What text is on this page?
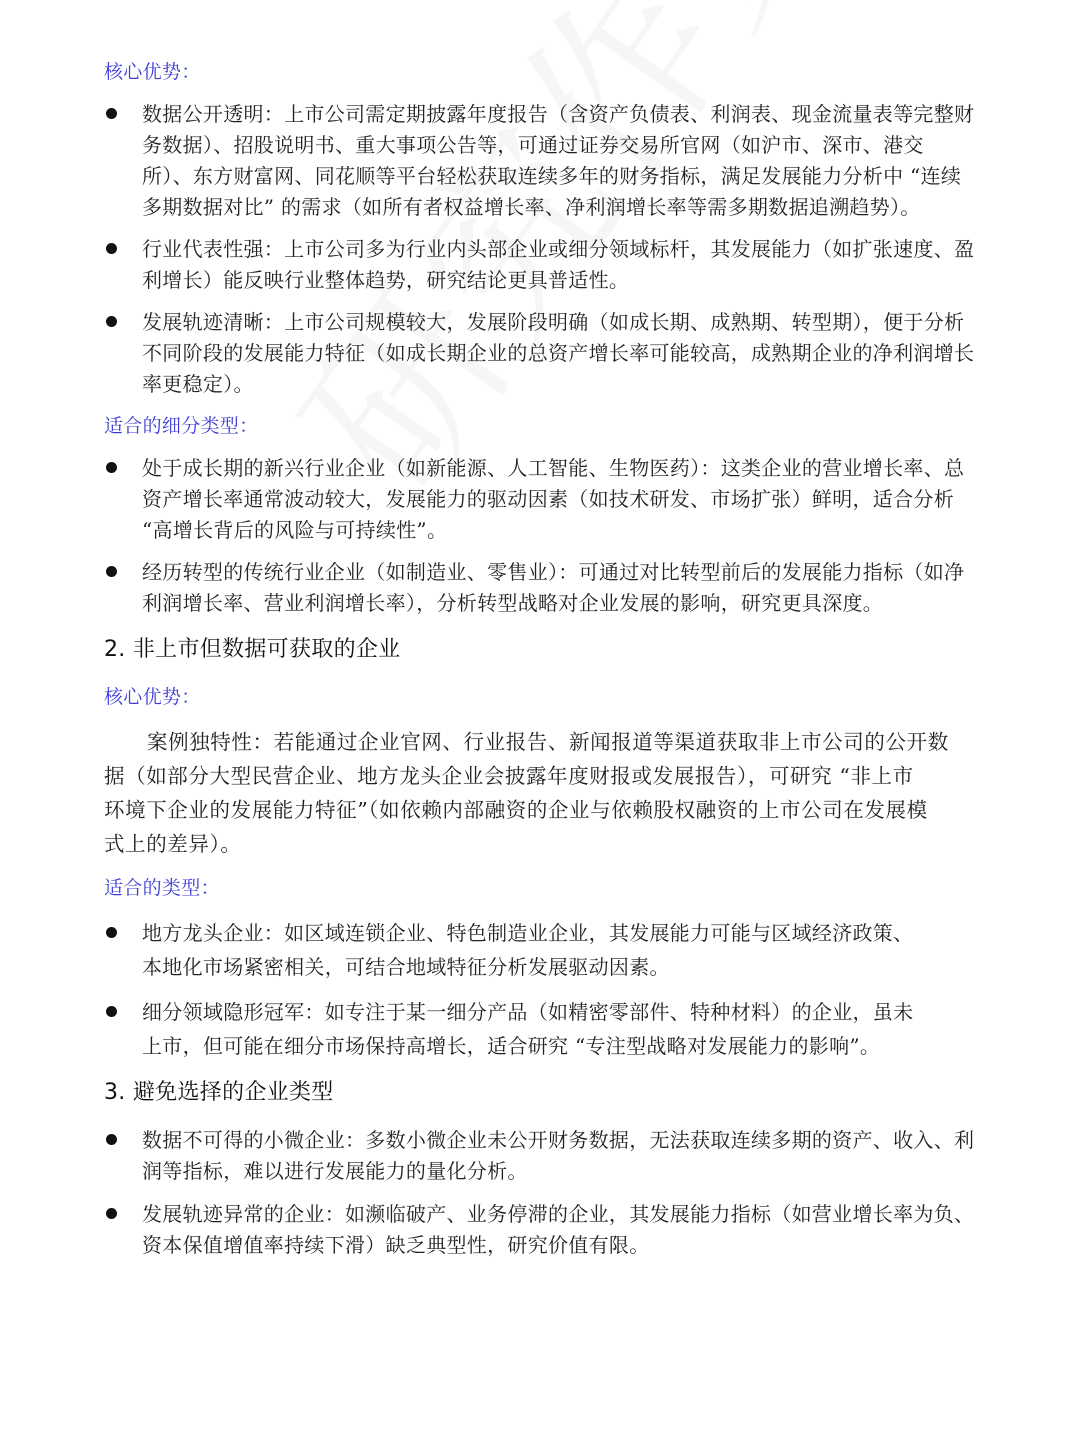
核心优势：
数据公开透明：上市公司需定期披露年度报告（含资产负债表、利润表、现金流量表等完整财
务数据）、招股说明书、重大事项公告等，可通过证券交易所官网（如沪市、深市、港交
所）、东方财富网、同花顺等平台轻松获取连续多年的财务指标，满足发展能力分析中 “连续
多期数据对比” 的需求（如所有者权益增长率、净利润增长率等需多期数据追溯趋势）。
行业代表性强：上市公司多为行业内头部企业或细分领域标杆，其发展能力（如扩张速度、盈
利增长）能反映行业整体趋势，研究结论更具普适性。
发展轨迹清晰：上市公司规模较大，发展阶段明确（如成长期、成熟期、转型期），便于分析
不同阶段的发展能力特征（如成长期企业的总资产增长率可能较高，成熟期企业的净利润增长
率更稳定）。
适合的细分类型：
处于成长期的新兴行业企业（如新能源、人工智能、生物医药）：这类企业的营业增长率、总
资产增长率通常波动较大，发展能力的驱动因素（如技术研发、市场扩张）鲜明，适合分析
“高增长背后的风险与可持续性”。
经历转型的传统行业企业（如制造业、零售业）：可通过对比转型前后的发展能力指标（如净
利润增长率、营业利润增长率），分析转型战略对企业发展的影响，研究更具深度。
2. 非上市但数据可获取的企业
核心优势：
案例独特性：若能通过企业官网、行业报告、新闻报道等渠道获取非上市公司的公开数
据（如部分大型民营企业、地方龙头企业会披露年度财报或发展报告），可研究 “非上市
环境下企业的发展能力特征”（如依赖内部融资的企业与依赖股权融资的上市公司在发展模
式上的差异）。
适合的类型：
地方龙头企业：如区域连锁企业、特色制造业企业，其发展能力可能与区域经济政策、
本地化市场紧密相关，可结合地域特征分析发展驱动因素。
细分领域隐形冠军：如专注于某一细分产品（如精密零部件、特种材料）的企业，虽未
上市，但可能在细分市场保持高增长，适合研究 “专注型战略对发展能力的影响”。
3. 避免选择的企业类型
数据不可得的小微企业：多数小微企业未公开财务数据，无法获取连续多期的资产、收入、利
润等指标，难以进行发展能力的量化分析。
发展轨迹异常的企业：如濒临破产、业务停滞的企业，其发展能力指标（如营业增长率为负、
资本保值增值率持续下滑）缺乏典型性，研究价值有限。
